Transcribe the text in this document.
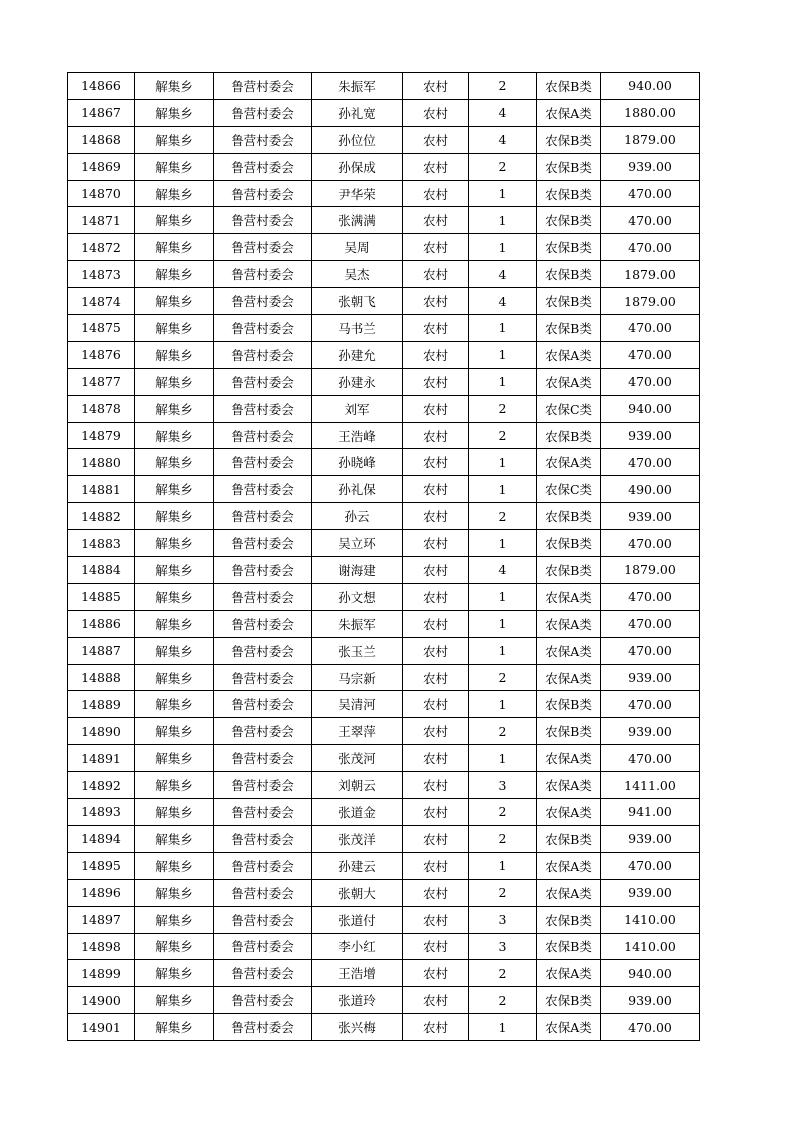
14866	解集乡	鲁营村委会	朱振军	农村	2	农保B类	940.00
14867	解集乡	鲁营村委会	孙礼宽	农村	4	农保A类	1880.00
14868	解集乡	鲁营村委会	孙位位	农村	4	农保B类	1879.00
14869	解集乡	鲁营村委会	孙保成	农村	2	农保B类	939.00
14870	解集乡	鲁营村委会	尹华荣	农村	1	农保B类	470.00
14871	解集乡	鲁营村委会	张满满	农村	1	农保B类	470.00
14872	解集乡	鲁营村委会	吴周	农村	1	农保B类	470.00
14873	解集乡	鲁营村委会	吴杰	农村	4	农保B类	1879.00
14874	解集乡	鲁营村委会	张朝飞	农村	4	农保B类	1879.00
14875	解集乡	鲁营村委会	马书兰	农村	1	农保B类	470.00
14876	解集乡	鲁营村委会	孙建允	农村	1	农保A类	470.00
14877	解集乡	鲁营村委会	孙建永	农村	1	农保A类	470.00
14878	解集乡	鲁营村委会	刘军	农村	2	农保C类	940.00
14879	解集乡	鲁营村委会	王浩峰	农村	2	农保B类	939.00
14880	解集乡	鲁营村委会	孙晓峰	农村	1	农保A类	470.00
14881	解集乡	鲁营村委会	孙礼保	农村	1	农保C类	490.00
14882	解集乡	鲁营村委会	孙云	农村	2	农保B类	939.00
14883	解集乡	鲁营村委会	吴立环	农村	1	农保B类	470.00
14884	解集乡	鲁营村委会	谢海建	农村	4	农保B类	1879.00
14885	解集乡	鲁营村委会	孙文想	农村	1	农保A类	470.00
14886	解集乡	鲁营村委会	朱振军	农村	1	农保A类	470.00
14887	解集乡	鲁营村委会	张玉兰	农村	1	农保A类	470.00
14888	解集乡	鲁营村委会	马宗新	农村	2	农保A类	939.00
14889	解集乡	鲁营村委会	吴清河	农村	1	农保B类	470.00
14890	解集乡	鲁营村委会	王翠萍	农村	2	农保B类	939.00
14891	解集乡	鲁营村委会	张茂河	农村	1	农保A类	470.00
14892	解集乡	鲁营村委会	刘朝云	农村	3	农保A类	1411.00
14893	解集乡	鲁营村委会	张道金	农村	2	农保A类	941.00
14894	解集乡	鲁营村委会	张茂洋	农村	2	农保B类	939.00
14895	解集乡	鲁营村委会	孙建云	农村	1	农保A类	470.00
14896	解集乡	鲁营村委会	张朝大	农村	2	农保A类	939.00
14897	解集乡	鲁营村委会	张道付	农村	3	农保B类	1410.00
14898	解集乡	鲁营村委会	李小红	农村	3	农保B类	1410.00
14899	解集乡	鲁营村委会	王浩增	农村	2	农保A类	940.00
14900	解集乡	鲁营村委会	张道玲	农村	2	农保B类	939.00
14901	解集乡	鲁营村委会	张兴梅	农村	1	农保A类	470.00
